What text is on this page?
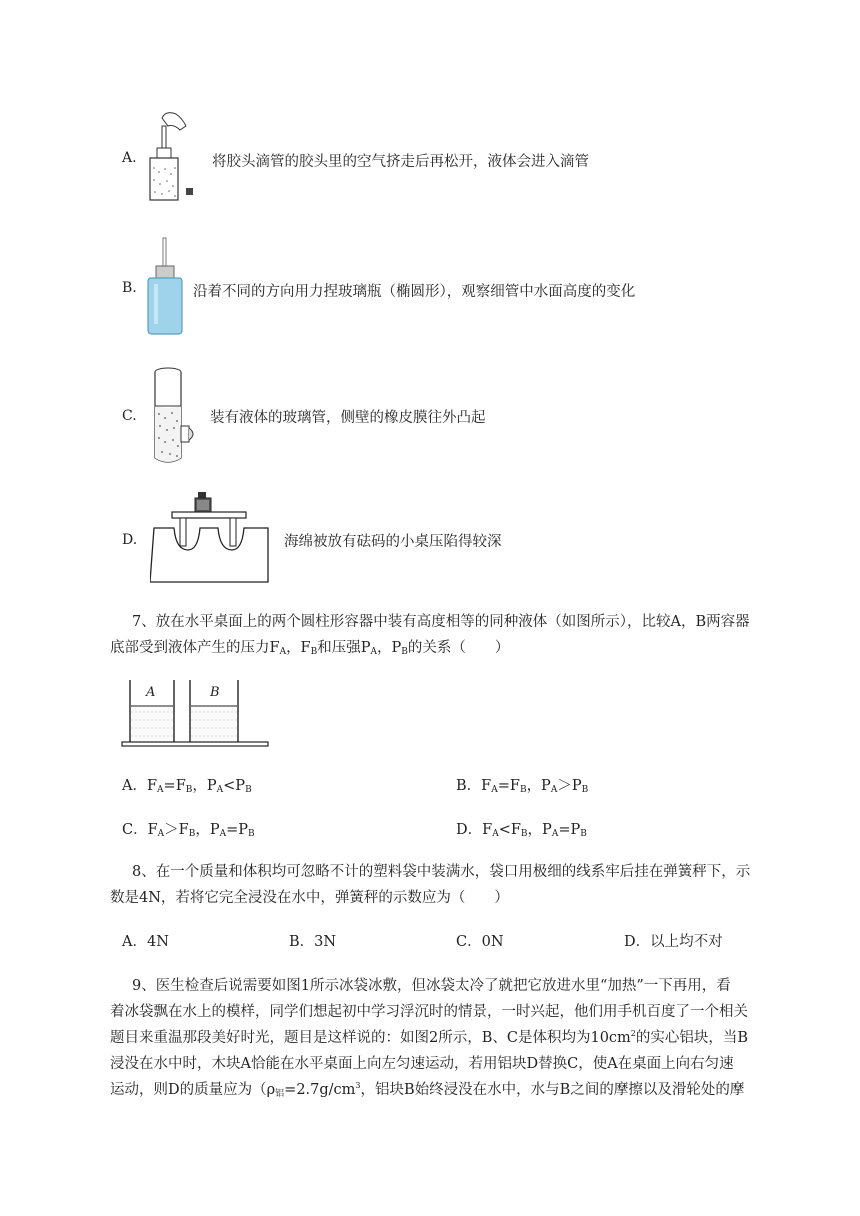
A.	将胶头滴管的胶头里的空气挤走后再松开，液体会进入滴管
B.	沿着不同的方向用力捏玻璃瓶（椭圆形），观察细管中水面高度的变化
C.	装有液体的玻璃管，侧壁的橡皮膜往外凸起
D.	海绵被放有砝码的小桌压陷得较深
7、放在水平桌面上的两个圆柱形容器中装有高度相等的同种液体（如图所示），比较A，B两容器
底部受到液体产生的压力$F_A$，$F_B$和压强$P_A$，$P_B$的关系（　　）
A	B
A．$F_A=F_B$，$P_A<P_B$	B．$F_A=F_B$，$P_A>P_B$
C．$F_A>F_B$，$P_A=P_B$	D．$F_A<F_B$，$P_A=P_B$
8、在一个质量和体积均可忽略不计的塑料袋中装满水，袋口用极细的线系牢后挂在弹簧秤下，示
数是4N，若将它完全浸没在水中，弹簧秤的示数应为（　　）
A．4N	B．3N	C．0N	D．以上均不对
9、医生检查后说需要如图1所示冰袋冰敷，但冰袋太冷了就把它放进水里“加热”一下再用，看
着冰袋飘在水上的模样，同学们想起初中学习浮沉时的情景，一时兴起，他们用手机百度了一个相关
题目来重温那段美好时光，题目是这样说的：如图2所示，B、C是体积均为$10cm^2$的实心铝块，当B
浸没在水中时，木块A恰能在水平桌面上向左匀速运动，若用铝块D替换C，使A在桌面上向右匀速
运动，则D的质量应为（$\rho_铝=2.7g/cm^3$，铝块B始终浸没在水中，水与B之间的摩擦以及滑轮处的摩
